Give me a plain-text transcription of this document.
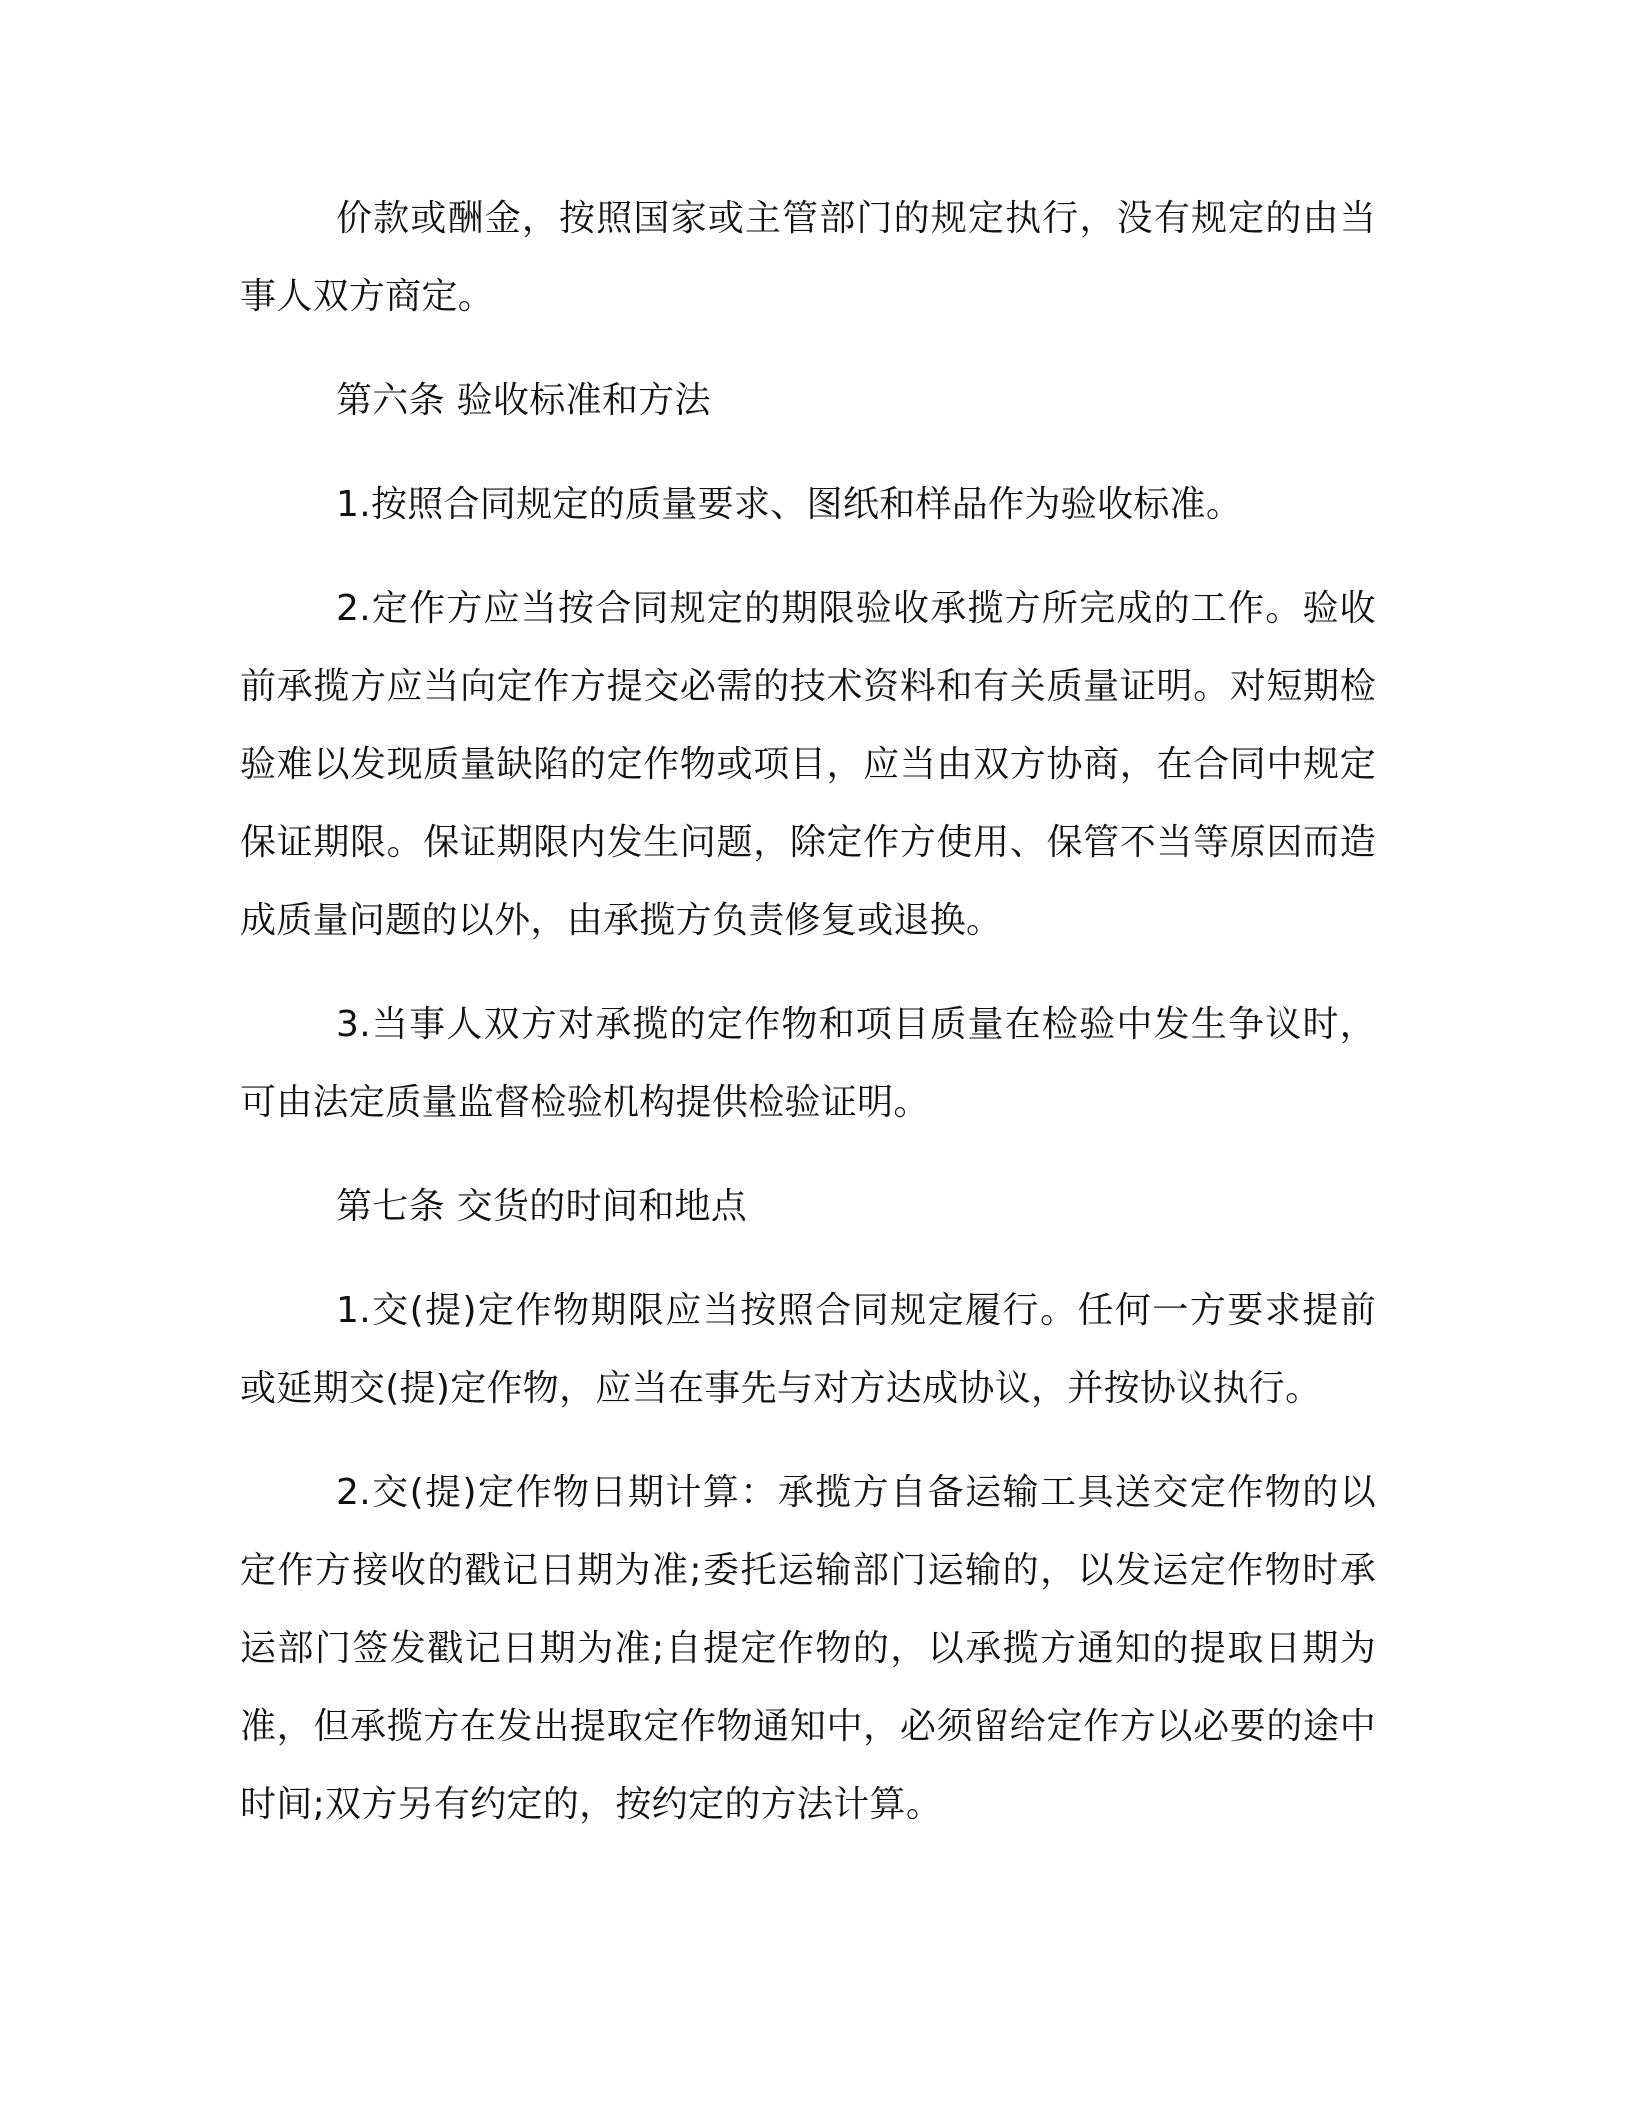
价款或酬金，按照国家或主管部门的规定执行，没有规定的由当事人双方商定。

第六条 验收标准和方法

1.按照合同规定的质量要求、图纸和样品作为验收标准。

2.定作方应当按合同规定的期限验收承揽方所完成的工作。验收前承揽方应当向定作方提交必需的技术资料和有关质量证明。对短期检验难以发现质量缺陷的定作物或项目，应当由双方协商，在合同中规定保证期限。保证期限内发生问题，除定作方使用、保管不当等原因而造成质量问题的以外，由承揽方负责修复或退换。

3.当事人双方对承揽的定作物和项目质量在检验中发生争议时，可由法定质量监督检验机构提供检验证明。

第七条 交货的时间和地点

1.交(提)定作物期限应当按照合同规定履行。任何一方要求提前或延期交(提)定作物，应当在事先与对方达成协议，并按协议执行。

2.交(提)定作物日期计算：承揽方自备运输工具送交定作物的以定作方接收的戳记日期为准;委托运输部门运输的，以发运定作物时承运部门签发戳记日期为准;自提定作物的，以承揽方通知的提取日期为准，但承揽方在发出提取定作物通知中，必须留给定作方以必要的途中时间;双方另有约定的，按约定的方法计算。
